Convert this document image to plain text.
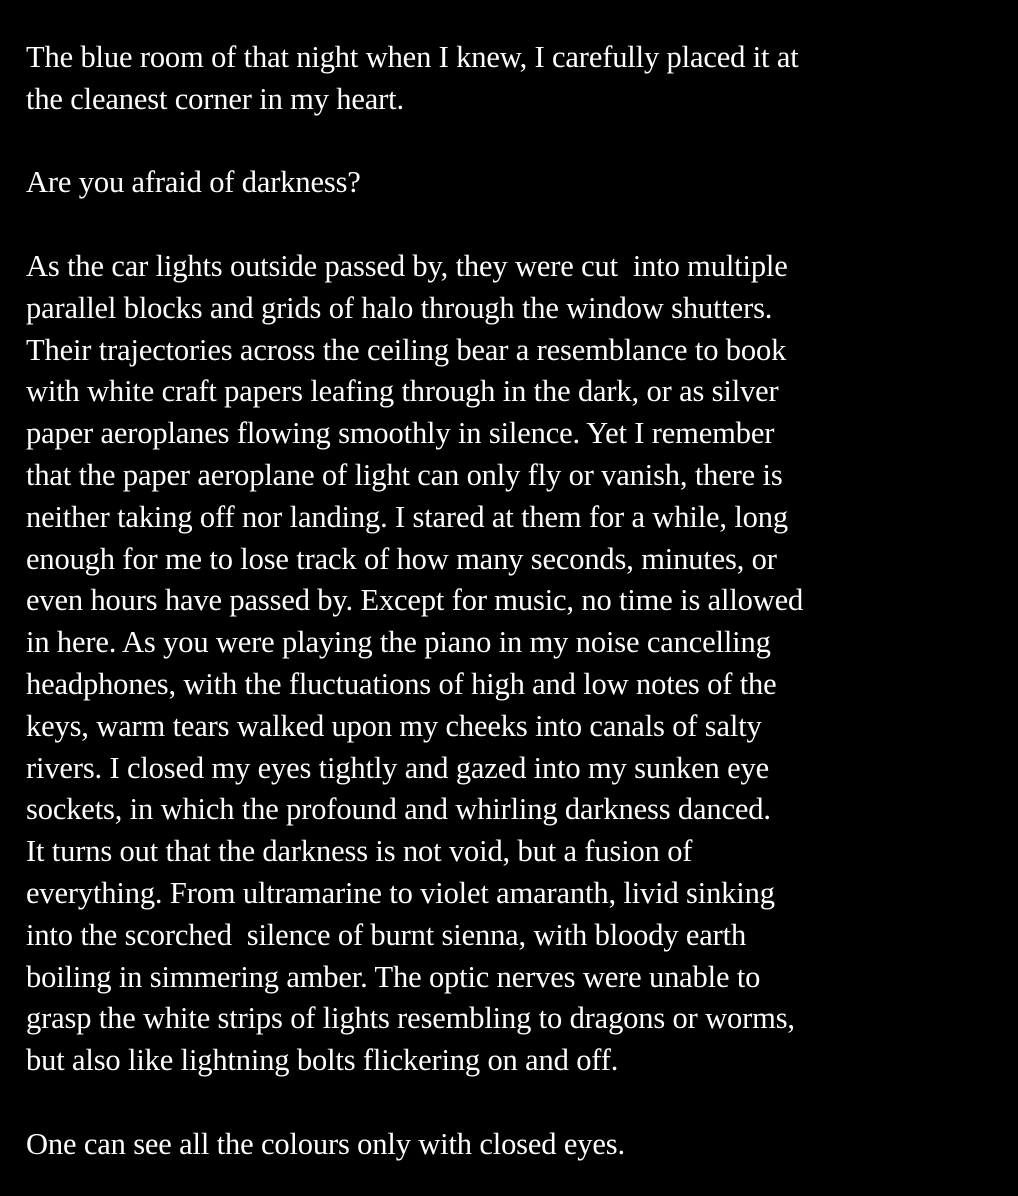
The blue room of that night when I knew, I carefully placed it at
the cleanest corner in my heart.

Are you afraid of darkness?

As the car lights outside passed by, they were cut  into multiple
parallel blocks and grids of halo through the window shutters.
Their trajectories across the ceiling bear a resemblance to book
with white craft papers leafing through in the dark, or as silver
paper aeroplanes flowing smoothly in silence. Yet I remember
that the paper aeroplane of light can only fly or vanish, there is
neither taking off nor landing. I stared at them for a while, long
enough for me to lose track of how many seconds, minutes, or
even hours have passed by. Except for music, no time is allowed
in here. As you were playing the piano in my noise cancelling
headphones, with the fluctuations of high and low notes of the
keys, warm tears walked upon my cheeks into canals of salty
rivers. I closed my eyes tightly and gazed into my sunken eye
sockets, in which the profound and whirling darkness danced.
It turns out that the darkness is not void, but a fusion of
everything. From ultramarine to violet amaranth, livid sinking
into the scorched  silence of burnt sienna, with bloody earth
boiling in simmering amber. The optic nerves were unable to
grasp the white strips of lights resembling to dragons or worms,
but also like lightning bolts flickering on and off.

One can see all the colours only with closed eyes.
